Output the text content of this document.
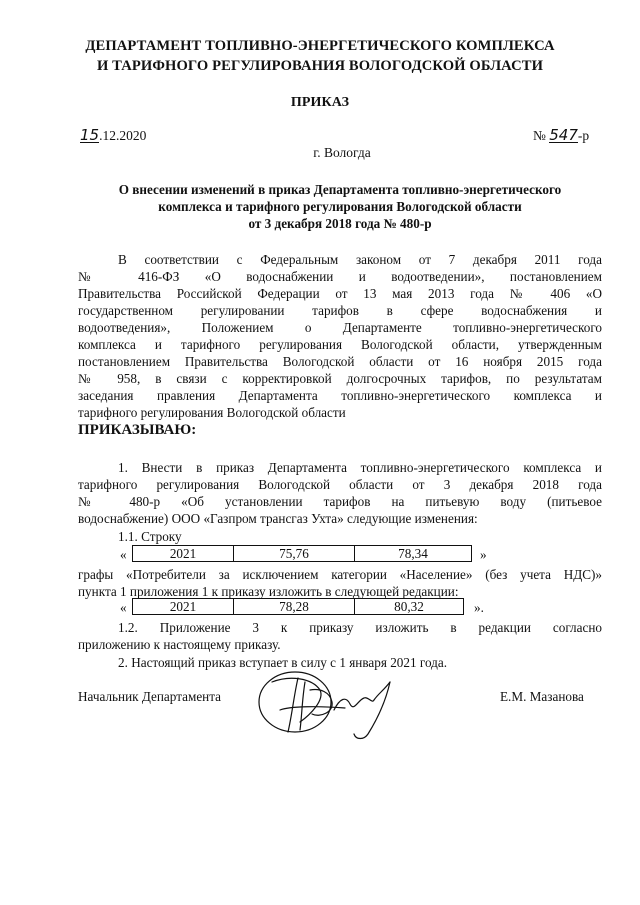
ДЕПАРТАМЕНТ ТОПЛИВНО-ЭНЕРГЕТИЧЕСКОГО КОМПЛЕКСА
И ТАРИФНОГО РЕГУЛИРОВАНИЯ ВОЛОГОДСКОЙ ОБЛАСТИ
ПРИКАЗ
15.12.2020	№ 547-р
г. Вологда
О внесении изменений в приказ Департамента топливно-энергетического
комплекса и тарифного регулирования Вологодской области
от 3 декабря 2018 года № 480-р
В соответствии с Федеральным законом от 7 декабря 2011 года
№ 416-ФЗ «О водоснабжении и водоотведении», постановлением
Правительства Российской Федерации от 13 мая 2013 года № 406 «О
государственном регулировании тарифов в сфере водоснабжения и
водоотведения», Положением о Департаменте топливно-энергетического
комплекса и тарифного регулирования Вологодской области, утвержденным
постановлением Правительства Вологодской области от 16 ноября 2015 года
№ 958, в связи с корректировкой долгосрочных тарифов, по результатам
заседания правления Департамента топливно-энергетического комплекса и
тарифного регулирования Вологодской области
ПРИКАЗЫВАЮ:
1. Внести в приказ Департамента топливно-энергетического комплекса и
тарифного регулирования Вологодской области от 3 декабря 2018 года
№ 480-р «Об установлении тарифов на питьевую воду (питьевое
водоснабжение) ООО «Газпром трансгаз Ухта» следующие изменения:
1.1. Строку
«	2021	75,76	78,34	»
графы «Потребители за исключением категории «Население» (без учета НДС)»
пункта 1 приложения 1 к приказу изложить в следующей редакции:
«	2021	78,28	80,32	».
1.2. Приложение 3 к приказу изложить в редакции согласно
приложению к настоящему приказу.
2. Настоящий приказ вступает в силу с 1 января 2021 года.
Начальник Департамента	Е.М. Мазанова
